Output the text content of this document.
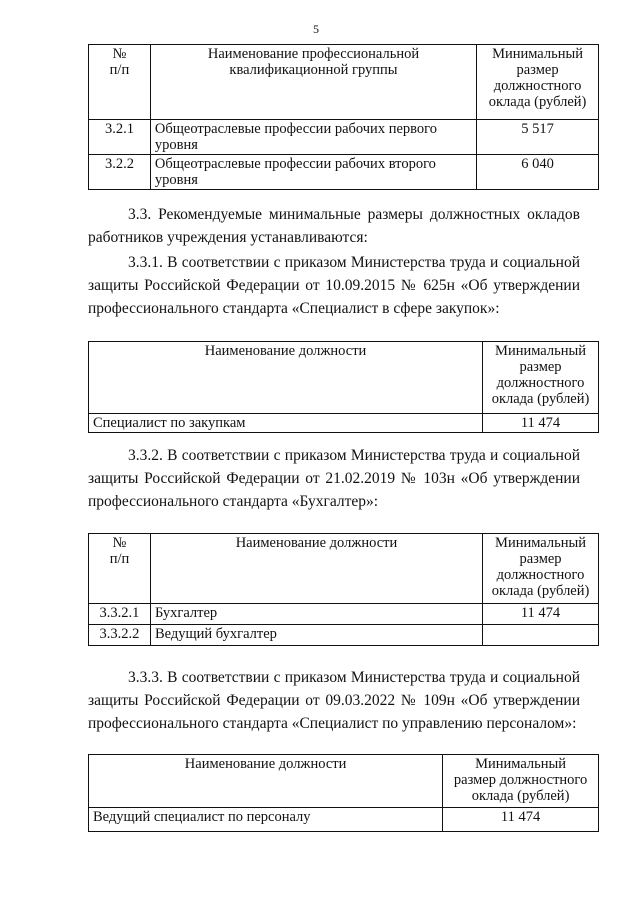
5
№
п/п	Наименование профессиональной
квалификационной группы	Минимальный
размер
должностного
оклада (рублей)
3.2.1	Общеотраслевые профессии рабочих первого уровня	5 517
3.2.2	Общеотраслевые профессии рабочих второго уровня	6 040
3.3. Рекомендуемые минимальные размеры должностных окладов
работников учреждения устанавливаются:
3.3.1. В соответствии с приказом Министерства труда и социальной
защиты Российской Федерации от 10.09.2015 № 625н «Об утверждении
профессионального стандарта «Специалист в сфере закупок»:
Наименование должности	Минимальный
размер
должностного
оклада (рублей)
Специалист по закупкам	11 474
3.3.2. В соответствии с приказом Министерства труда и социальной
защиты Российской Федерации от 21.02.2019 № 103н «Об утверждении
профессионального стандарта «Бухгалтер»:
№
п/п	Наименование должности	Минимальный
размер
должностного
оклада (рублей)
3.3.2.1	Бухгалтер	11 474
3.3.2.2	Ведущий бухгалтер	
3.3.3. В соответствии с приказом Министерства труда и социальной
защиты Российской Федерации от 09.03.2022 № 109н «Об утверждении
профессионального стандарта «Специалист по управлению персоналом»:
Наименование должности	Минимальный
размер должностного
оклада (рублей)
Ведущий специалист по персоналу	11 474
